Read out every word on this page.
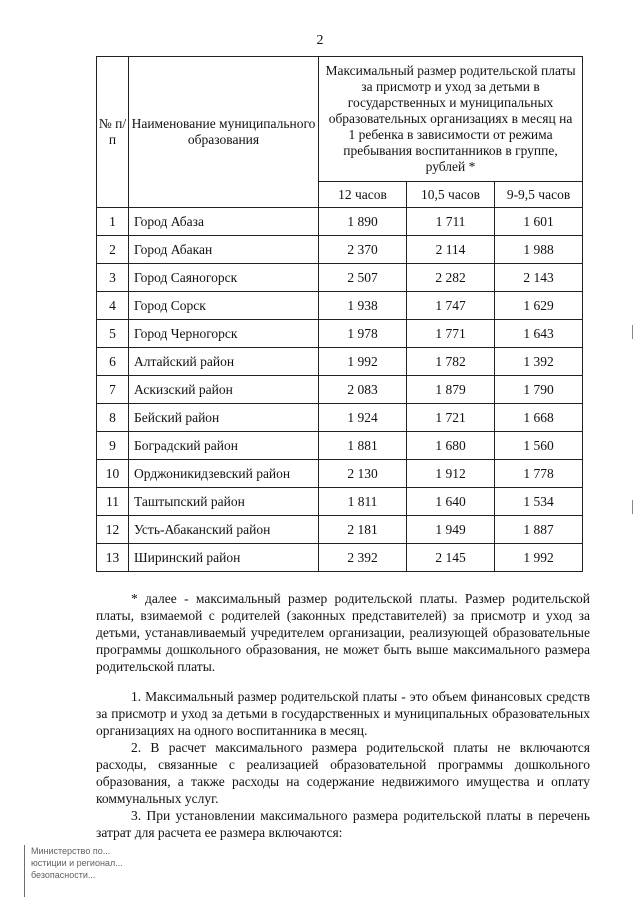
2
№ п/п	Наименование муниципального образования	Максимальный размер родительской платы за присмотр и уход за детьми в государственных и муниципальных образовательных организациях в месяц на 1 ребенка в зависимости от режима пребывания воспитанников в группе, рублей *		
		12 часов	10,5 часов	9-9,5 часов
1	Город Абаза	1 890	1 711	1 601
2	Город Абакан	2 370	2 114	1 988
3	Город Саяногорск	2 507	2 282	2 143
4	Город Сорск	1 938	1 747	1 629
5	Город Черногорск	1 978	1 771	1 643
6	Алтайский район	1 992	1 782	1 392
7	Аскизский район	2 083	1 879	1 790
8	Бейский район	1 924	1 721	1 668
9	Боградский район	1 881	1 680	1 560
10	Орджоникидзевский район	2 130	1 912	1 778
11	Таштыпский район	1 811	1 640	1 534
12	Усть-Абаканский район	2 181	1 949	1 887
13	Ширинский район	2 392	2 145	1 992

* далее - максимальный размер родительской платы. Размер родительской платы, взимаемой с родителей (законных представителей) за присмотр и уход за детьми, устанавливаемый учредителем организации, реализующей образовательные программы дошкольного образования, не может быть выше максимального размера родительской платы.

1. Максимальный размер родительской платы - это объем финансовых средств за присмотр и уход за детьми в государственных и муниципальных образовательных организациях на одного воспитанника в месяц.

2. В расчет максимального размера родительской платы не включаются расходы, связанные с реализацией образовательной программы дошкольного образования, а также расходы на содержание недвижимого имущества и оплату коммунальных услуг.

3. При установлении максимального размера родительской платы в перечень затрат для расчета ее размера включаются:

Министерство по...
юстиции и регионал...
безопасности...
